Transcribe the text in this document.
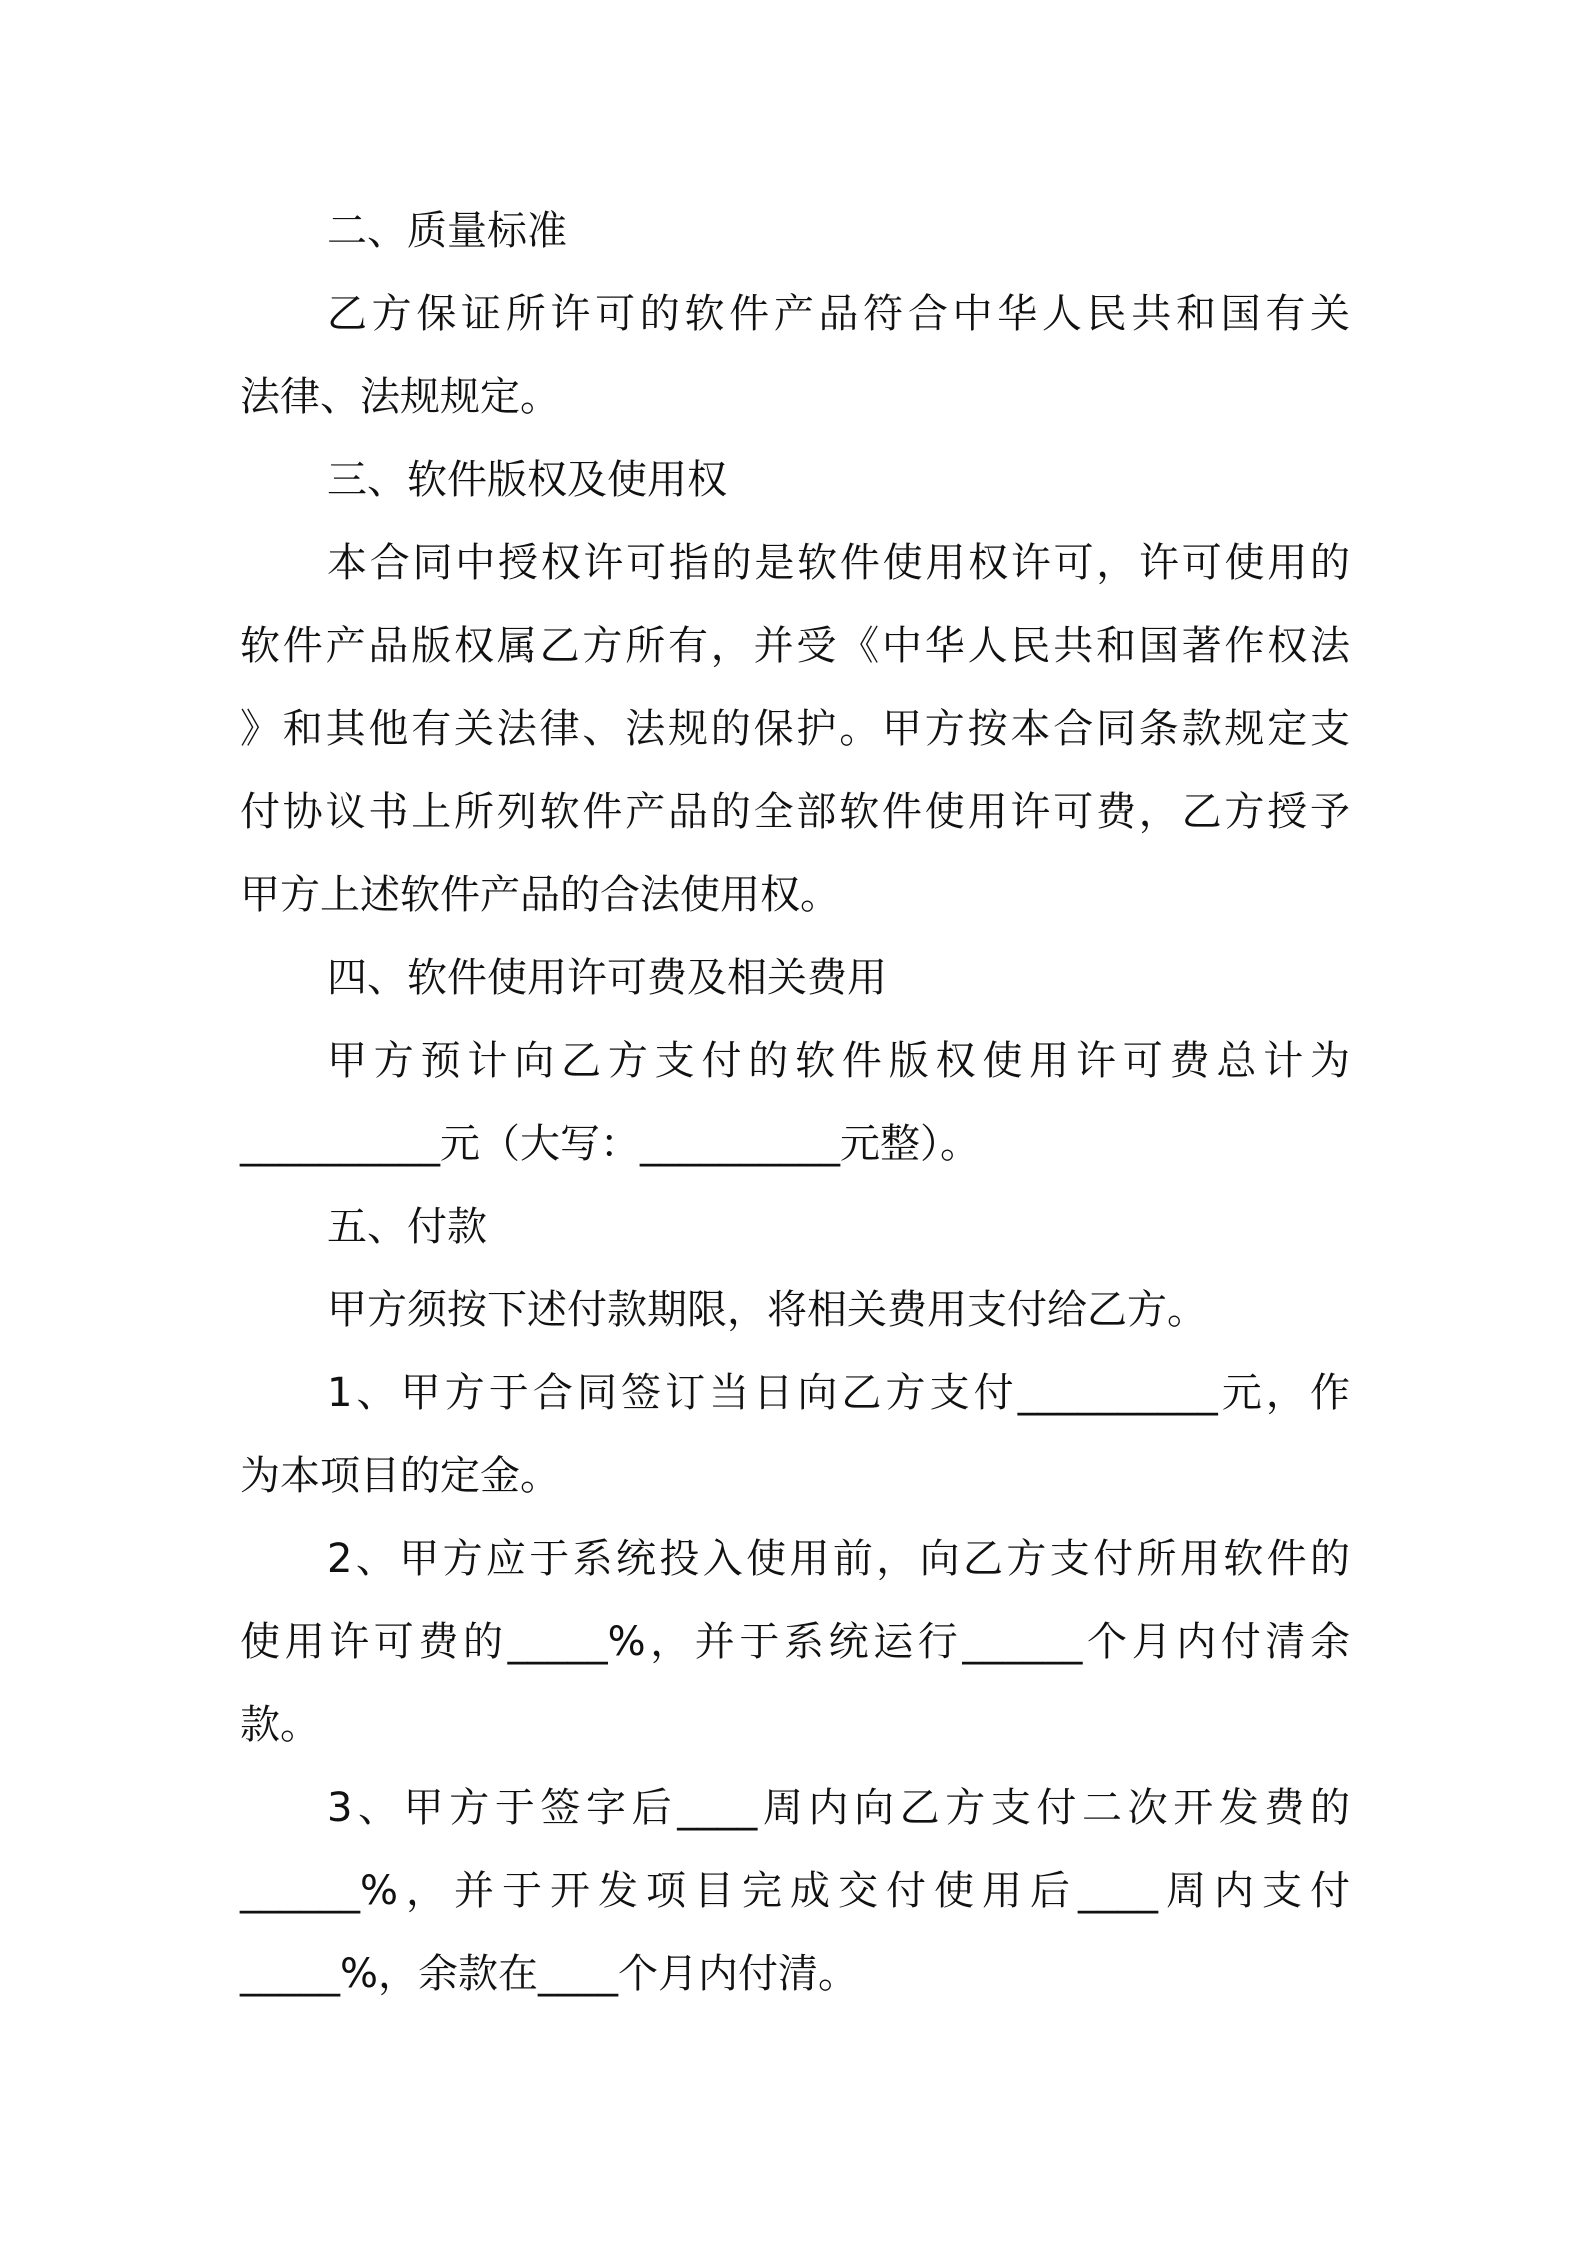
二、质量标准
乙方保证所许可的软件产品符合中华人民共和国有关
法律、法规规定。
三、软件版权及使用权
本合同中授权许可指的是软件使用权许可，许可使用的
软件产品版权属乙方所有，并受《中华人民共和国著作权法
》和其他有关法律、法规的保护。甲方按本合同条款规定支
付协议书上所列软件产品的全部软件使用许可费，乙方授予
甲方上述软件产品的合法使用权。
四、软件使用许可费及相关费用
甲方预计向乙方支付的软件版权使用许可费总计为
__________元（大写：__________元整）。
五、付款
甲方须按下述付款期限，将相关费用支付给乙方。
1、甲方于合同签订当日向乙方支付__________元，作
为本项目的定金。
2、甲方应于系统投入使用前，向乙方支付所用软件的
使用许可费的_____%，并于系统运行______个月内付清余
款。
3、甲方于签字后____周内向乙方支付二次开发费的
______%，并于开发项目完成交付使用后____周内支付
_____%，余款在____个月内付清。
